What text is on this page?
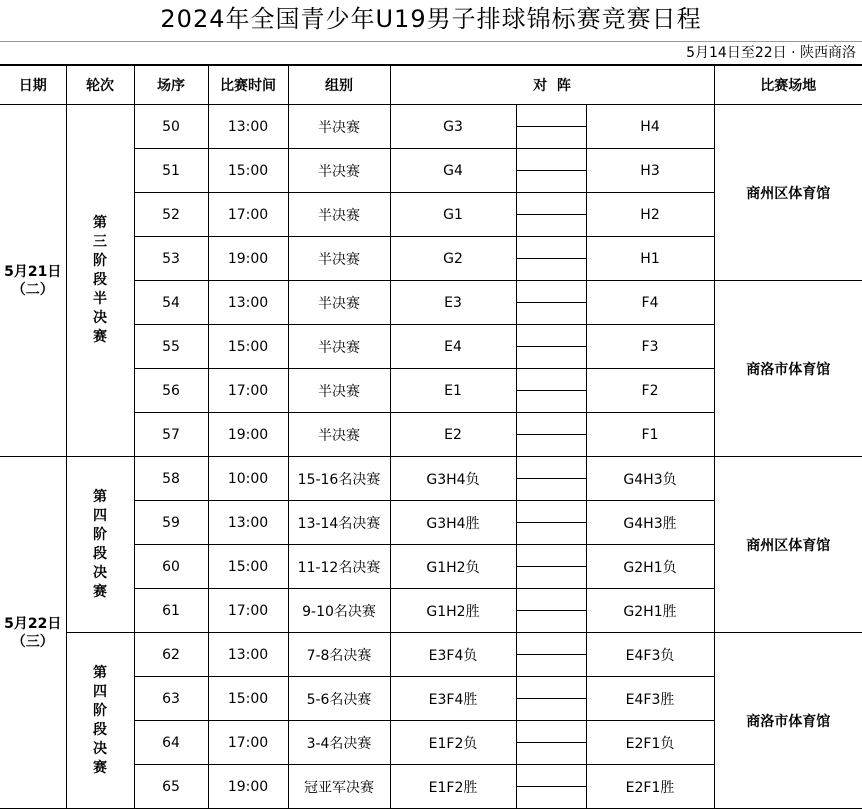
2024年全国青少年U19男子排球锦标赛竞赛日程
5月14日至22日 · 陕西商洛
日期	轮次	场序	比赛时间	组别	对  阵			比赛场地

5月21日
（二）	第三阶段半决赛	50	13:00	半决赛	G3		H4	商州区体育馆
		51	15:00	半决赛	G4		H3	
		52	17:00	半决赛	G1		H2	
		53	19:00	半决赛	G2		H1	
		54	13:00	半决赛	E3		F4	商洛市体育馆
		55	15:00	半决赛	E4		F3	
		56	17:00	半决赛	E1		F2	
		57	19:00	半决赛	E2		F1	

5月22日
（三）	第四阶段决赛	58	10:00	15-16名决赛	G3H4负		G4H3负	商州区体育馆
		59	13:00	13-14名决赛	G3H4胜		G4H3胜	
		60	15:00	11-12名决赛	G1H2负		G2H1负	
		61	17:00	9-10名决赛	G1H2胜		G2H1胜	
	第四阶段决赛	62	13:00	7-8名决赛	E3F4负		E4F3负	商洛市体育馆
		63	15:00	5-6名决赛	E3F4胜		E4F3胜	
		64	17:00	3-4名决赛	E1F2负		E2F1负	
		65	19:00	冠亚军决赛	E1F2胜		E2F1胜	
